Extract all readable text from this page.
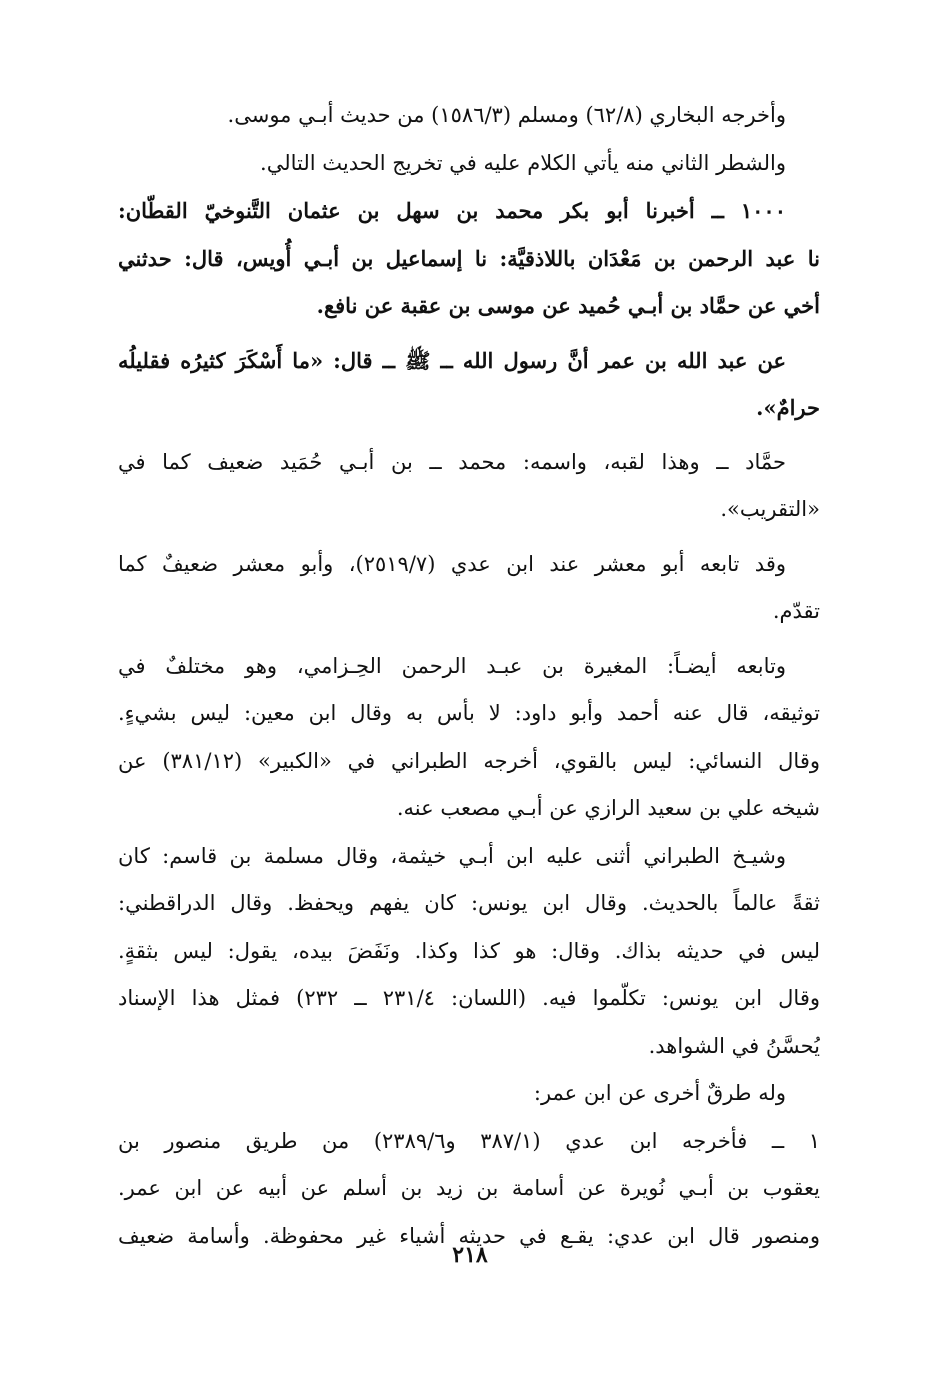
وأخرجه البخاري (٦٢/٨) ومسلم (١٥٨٦/٣) من حديث أبـي موسى.
والشطر الثاني منه يأتي الكلام عليه في تخريج الحديث التالي.
١٠٠٠ ــ أخبرنا أبو بكر محمد بن سهل بن عثمان التَّنوخيّ القطّان:
نا عبد الرحمن بن مَعْدَان باللاذقيَّة: نا إسماعيل بن أبـي أُويس، قال: حدثني
أخي عن حمَّاد بن أبـي حُميد عن موسى بن عقبة عن نافع.
عن عبد الله بن عمر أنَّ رسول الله ــ ﷺ ــ قال: «ما أَسْكَرَ كثيرُه فقليلُه
حرامٌ».
حمَّاد ــ وهذا لقبه، واسمه: محمد ــ بن أبـي حُمَيد ضعيف كما في
«التقريب».
وقد تابعه أبو معشر عند ابن عدي (٢٥١٩/٧)، وأبو معشر ضعيفٌ كما
تقدّم.
وتابعه أيضـاً: المغيرة بن عبـد الرحمن الحِـزامي، وهو مختلفٌ في
توثيقه، قال عنه أحمد وأبو داود: لا بأس به وقال ابن معين: ليس بشيءٍ.
وقال النسائي: ليس بالقوي، أخرجه الطبراني في «الكبير» (٣٨١/١٢) عن
شيخه علي بن سعيد الرازي عن أبـي مصعب عنه.
وشيـخ الطبراني أثنى عليه ابن أبـي خيثمة، وقال مسلمة بن قاسم: كان
ثقةً عالماً بالحديث. وقال ابن يونس: كان يفهم ويحفظ. وقال الدراقطني:
ليس في حديثه بذاك. وقال: هو كذا وكذا. ونَفَضَ بيده، يقول: ليس بثقةٍ.
وقال ابن يونس: تكلّموا فيه. (اللسان: ٢٣١/٤ ــ ٢٣٢) فمثل هذا الإسناد
يُحسَّنُ في الشواهد.
وله طرقٌ أخرى عن ابن عمر:
١ ــ فأخرجه ابن عدي (٣٨٧/١ و٢٣٨٩/٦) من طريق منصور بن
يعقوب بن أبـي نُويرة عن أسامة بن زيد بن أسلم عن أبيه عن ابن عمر.
ومنصور قال ابن عدي: يقـع في حديثه أشياء غير محفوظة. وأسامة ضعيف
٢١٨
